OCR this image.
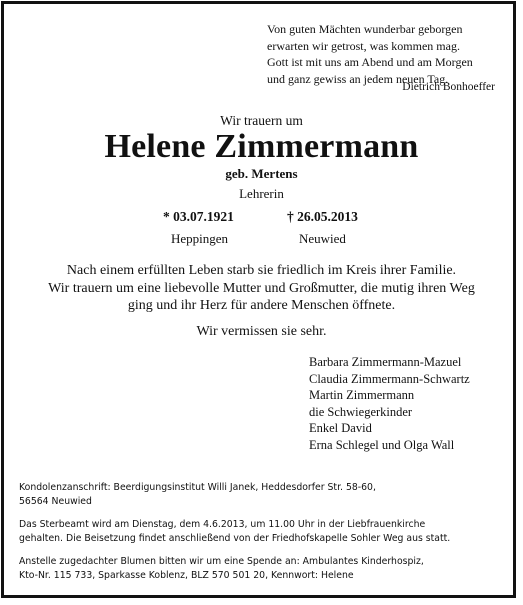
Von guten Mächten wunderbar geborgen
erwarten wir getrost, was kommen mag.
Gott ist mit uns am Abend und am Morgen
und ganz gewiss an jedem neuen Tag.
Dietrich Bonhoeffer
Wir trauern um
Helene Zimmermann
geb. Mertens
Lehrerin
* 03.07.1921	† 26.05.2013
Heppingen	Neuwied
Nach einem erfüllten Leben starb sie friedlich im Kreis ihrer Familie.
Wir trauern um eine liebevolle Mutter und Großmutter, die mutig ihren Weg
ging und ihr Herz für andere Menschen öffnete.
Wir vermissen sie sehr.
Barbara Zimmermann-Mazuel
Claudia Zimmermann-Schwartz
Martin Zimmermann
die Schwiegerkinder
Enkel David
Erna Schlegel und Olga Wall
Kondolenzanschrift: Beerdigungsinstitut Willi Janek, Heddesdorfer Str. 58-60,
56564 Neuwied
Das Sterbeamt wird am Dienstag, dem 4.6.2013, um 11.00 Uhr in der Liebfrauenkirche
gehalten. Die Beisetzung findet anschließend von der Friedhofskapelle Sohler Weg aus statt.
Anstelle zugedachter Blumen bitten wir um eine Spende an: Ambulantes Kinderhospiz,
Kto-Nr. 115 733, Sparkasse Koblenz, BLZ 570 501 20, Kennwort: Helene
